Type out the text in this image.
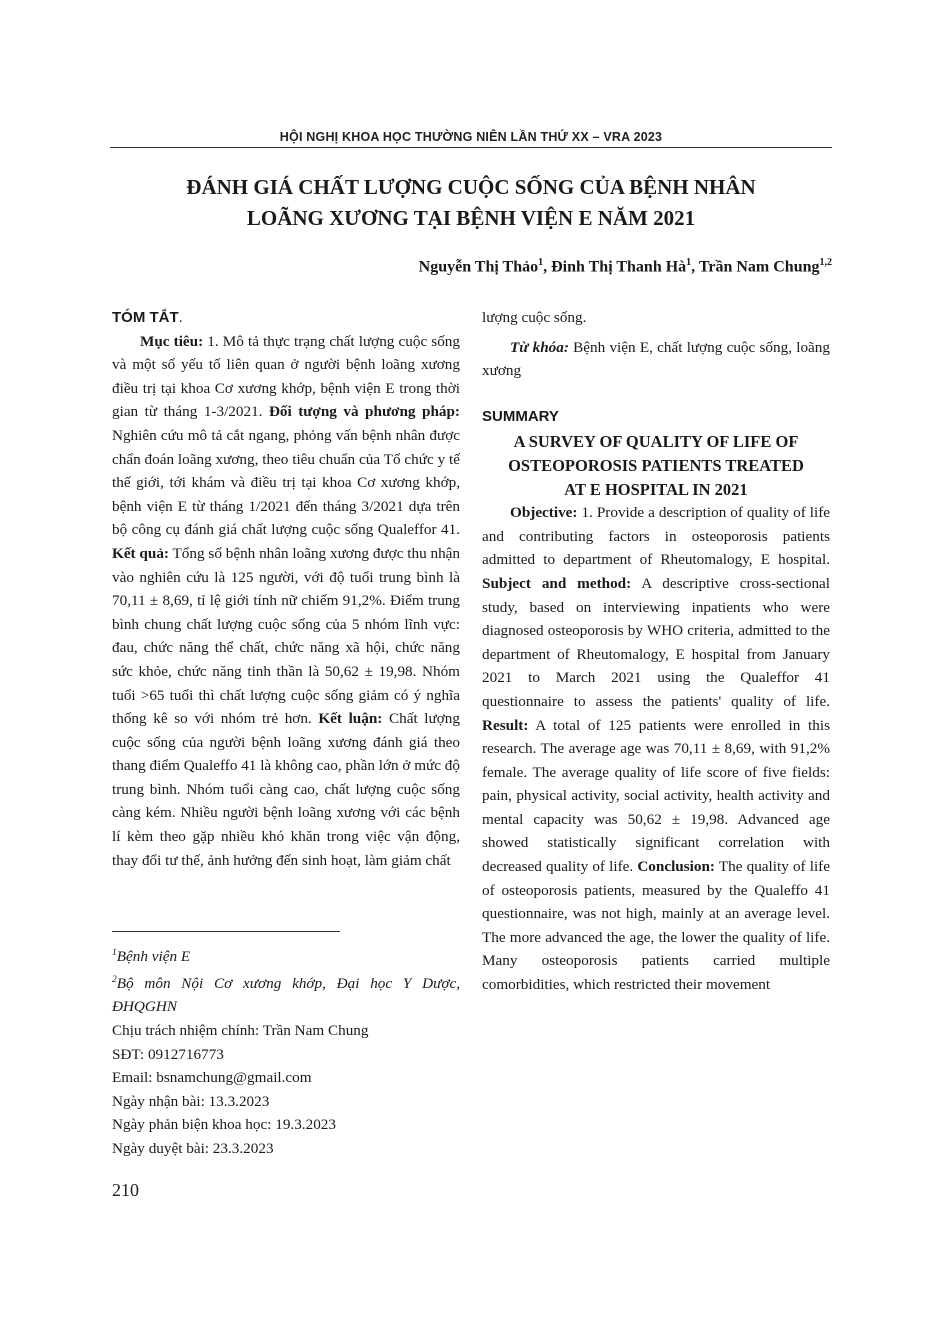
HỘI NGHỊ KHOA HỌC THƯỜNG NIÊN LẦN THỨ XX – VRA 2023
ĐÁNH GIÁ CHẤT LƯỢNG CUỘC SỐNG CỦA BỆNH NHÂN
LOÃNG XƯƠNG TẠI BỆNH VIỆN E NĂM 2021
Nguyễn Thị Thảo$^1$, Đinh Thị Thanh $Hà^1$, Trần Nam Chung$^{1,2}$

TÓM TẮT.

Mục tiêu: 1. Mô tả thực trạng chất lượng cuộc sống và một số yếu tố liên quan ở người bệnh loãng xương điều trị tại khoa Cơ xương khớp, bệnh viện E trong thời gian từ tháng 1-3/2021. Đối tượng và phương pháp: Nghiên cứu mô tả cắt ngang, phỏng vấn bệnh nhân được chẩn đoán loãng xương, theo tiêu chuẩn của Tổ chức y tế thế giới, tới khám và điều trị tại khoa Cơ xương khớp, bệnh viện E từ tháng 1/2021 đến tháng 3/2021 dựa trên bộ công cụ đánh giá chất lượng cuộc sống Qualeffor 41. Kết quả: Tổng số bệnh nhân loãng xương được thu nhận vào nghiên cứu là 125 người, với độ tuổi trung bình là 70,11 ± 8,69, tỉ lệ giới tính nữ chiếm 91,2%. Điểm trung bình chung chất lượng cuộc sống của 5 nhóm lĩnh vực: đau, chức năng thể chất, chức năng xã hội, chức năng sức khỏe, chức năng tinh thần là 50,62 ± 19,98. Nhóm tuổi >65 tuổi thì chất lượng cuộc sống giảm có ý nghĩa thống kê so với nhóm trẻ hơn. Kết luận: Chất lượng cuộc sống của người bệnh loãng xương đánh giá theo thang điểm Qualeffo 41 là không cao, phần lớn ở mức độ trung bình. Nhóm tuổi càng cao, chất lượng cuộc sống càng kém. Nhiều người bệnh loãng xương với các bệnh lí kèm theo gặp nhiều khó khăn trong việc vận động, thay đổi tư thế, ảnh hưởng đến sinh hoạt, làm giảm chất

$^1$Bệnh viện E

$^2$Bộ môn Nội Cơ xương khớp, Đại học Y Dược, ĐHQGHN

Chịu trách nhiệm chính: Trần Nam Chung

SĐT: 0912716773

Email: bsnamchung@gmail.com

Ngày nhận bài: 13.3.2023

Ngày phản biện khoa học: 19.3.2023

Ngày duyệt bài: 23.3.2023

lượng cuộc sống.

Từ khóa: Bệnh viện E, chất lượng cuộc sống, loãng xương

SUMMARY

A SURVEY OF QUALITY OF LIFE OF

OSTEOPOROSIS PATIENTS TREATED

AT E HOSPITAL IN 2021

Objective: 1. Provide a description of quality of life and contributing factors in osteoporosis patients admitted to department of Rheutomalogy, E hospital. Subject and method: A descriptive cross-sectional study, based on interviewing inpatients who were diagnosed osteoporosis by WHO criteria, admitted to the department of Rheutomalogy, E hospital from January 2021 to March 2021 using the Qualeffor 41 questionnaire to assess the patients' quality of life. Result: A total of 125 patients were enrolled in this research. The average age was 70,11 ± 8,69, with 91,2% female. The average quality of life score of five fields: pain, physical activity, social activity, health activity and mental capacity was 50,62 ± 19,98. Advanced age showed statistically significant correlation with decreased quality of life. Conclusion: The quality of life of osteoporosis patients, measured by the Qualeffo 41 questionnaire, was not high, mainly at an average level. The more advanced the age, the lower the quality of life. Many osteoporosis patients carried multiple comorbidities, which restricted their movement

210
